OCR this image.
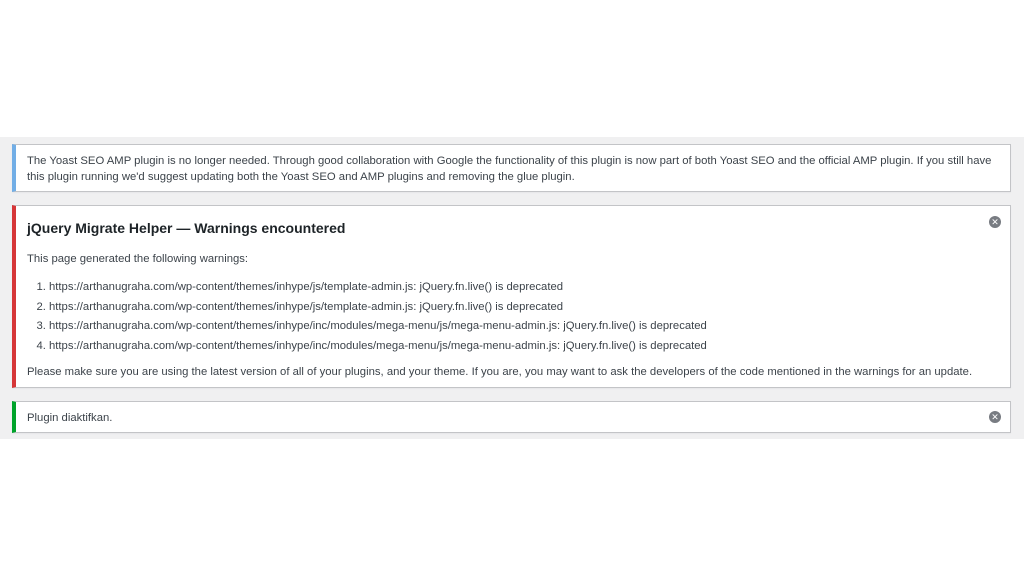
The Yoast SEO AMP plugin is no longer needed. Through good collaboration with Google the functionality of this plugin is now part of both Yoast SEO and the official AMP plugin. If you still have this plugin running we'd suggest updating both the Yoast SEO and AMP plugins and removing the glue plugin.

jQuery Migrate Helper — Warnings encountered	✕

This page generated the following warnings:

1. https://arthanugraha.com/wp-content/themes/inhype/js/template-admin.js: jQuery.fn.live() is deprecated
2. https://arthanugraha.com/wp-content/themes/inhype/js/template-admin.js: jQuery.fn.live() is deprecated
3. https://arthanugraha.com/wp-content/themes/inhype/inc/modules/mega-menu/js/mega-menu-admin.js: jQuery.fn.live() is deprecated
4. https://arthanugraha.com/wp-content/themes/inhype/inc/modules/mega-menu/js/mega-menu-admin.js: jQuery.fn.live() is deprecated

Please make sure you are using the latest version of all of your plugins, and your theme. If you are, you may want to ask the developers of the code mentioned in the warnings for an update.

Plugin diaktifkan.	✕
